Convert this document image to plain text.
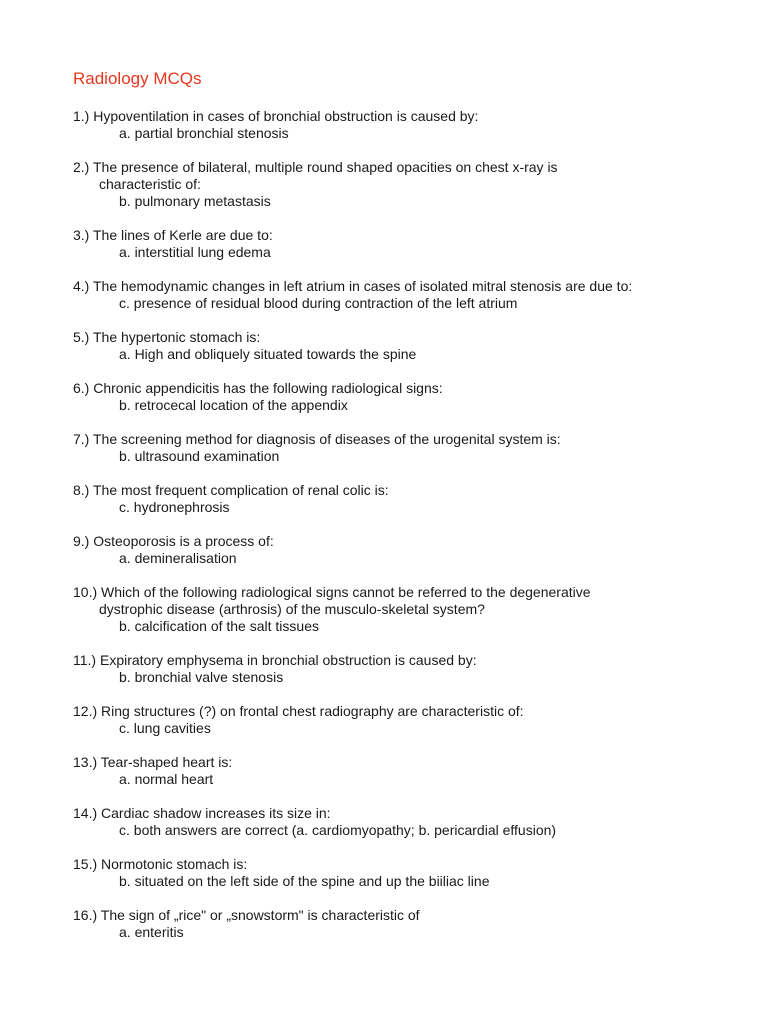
Radiology MCQs
1.) Hypoventilation in cases of bronchial obstruction is caused by:
a. partial bronchial stenosis
2.) The presence of bilateral, multiple round shaped opacities on chest x-ray is
characteristic of:
b. pulmonary metastasis
3.) The lines of Kerle are due to:
a. interstitial lung edema
4.) The hemodynamic changes in left atrium in cases of isolated mitral stenosis are due to:
c. presence of residual blood during contraction of the left atrium
5.) The hypertonic stomach is:
a. High and obliquely situated towards the spine
6.) Chronic appendicitis has the following radiological signs:
b. retrocecal location of the appendix
7.) The screening method for diagnosis of diseases of the urogenital system is:
b. ultrasound examination
8.) The most frequent complication of renal colic is:
c. hydronephrosis
9.) Osteoporosis is a process of:
a. demineralisation
10.) Which of the following radiological signs cannot be referred to the degenerative
dystrophic disease (arthrosis) of the musculo-skeletal system?
b. calcification of the salt tissues
11.) Expiratory emphysema in bronchial obstruction is caused by:
b. bronchial valve stenosis
12.) Ring structures (?) on frontal chest radiography are characteristic of:
c. lung cavities
13.) Tear-shaped heart is:
a. normal heart
14.) Cardiac shadow increases its size in:
c. both answers are correct (a. cardiomyopathy; b. pericardial effusion)
15.) Normotonic stomach is:
b. situated on the left side of the spine and up the biiliac line
16.) The sign of „rice" or „snowstorm" is characteristic of
a. enteritis
